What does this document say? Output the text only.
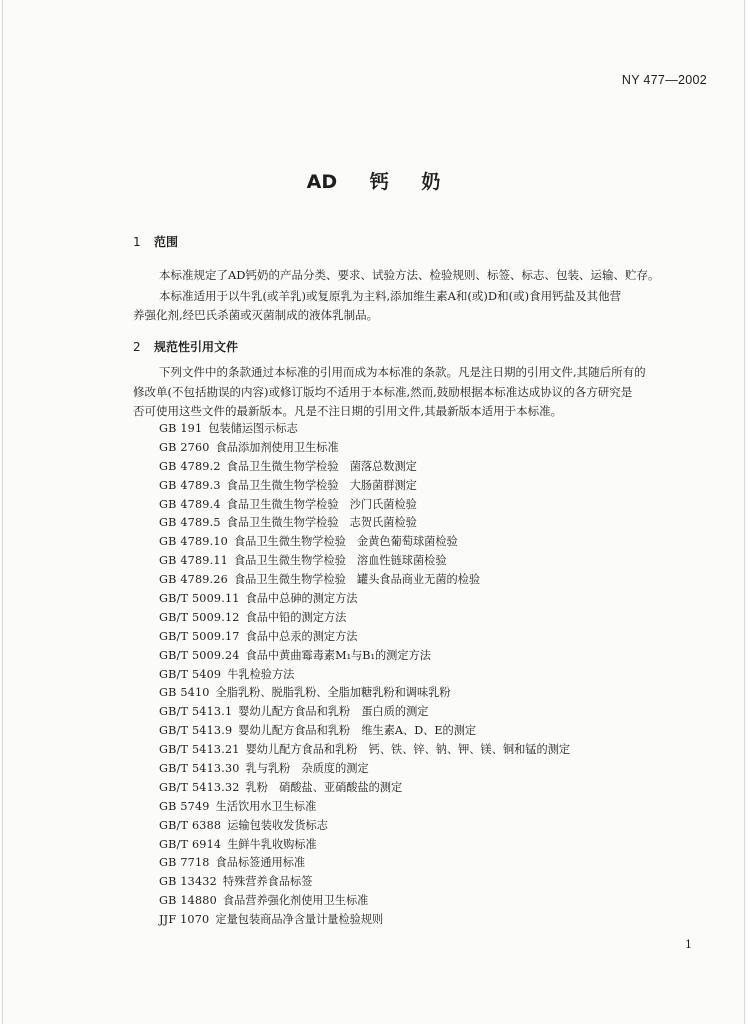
NY 477—2002
AD 钙 奶
1 范围
本标准规定了AD钙奶的产品分类、要求、试验方法、检验规则、标签、标志、包装、运输、贮存。
本标准适用于以牛乳(或羊乳)或复原乳为主料,添加维生素A和(或)D和(或)食用钙盐及其他营
养强化剂,经巴氏杀菌或灭菌制成的液体乳制品。
2 规范性引用文件
下列文件中的条款通过本标准的引用而成为本标准的条款。凡是注日期的引用文件,其随后所有的
修改单(不包括勘误的内容)或修订版均不适用于本标准,然而,鼓励根据本标准达成协议的各方研究是
否可使用这些文件的最新版本。凡是不注日期的引用文件,其最新版本适用于本标准。
GB 191 包装储运图示标志
GB 2760 食品添加剂使用卫生标准
GB 4789.2 食品卫生微生物学检验　菌落总数测定
GB 4789.3 食品卫生微生物学检验　大肠菌群测定
GB 4789.4 食品卫生微生物学检验　沙门氏菌检验
GB 4789.5 食品卫生微生物学检验　志贺氏菌检验
GB 4789.10 食品卫生微生物学检验　金黄色葡萄球菌检验
GB 4789.11 食品卫生微生物学检验　溶血性链球菌检验
GB 4789.26 食品卫生微生物学检验　罐头食品商业无菌的检验
GB/T 5009.11 食品中总砷的测定方法
GB/T 5009.12 食品中铅的测定方法
GB/T 5009.17 食品中总汞的测定方法
GB/T 5009.24 食品中黄曲霉毒素M₁与B₁的测定方法
GB/T 5409 牛乳检验方法
GB 5410 全脂乳粉、脱脂乳粉、全脂加糖乳粉和调味乳粉
GB/T 5413.1 婴幼儿配方食品和乳粉　蛋白质的测定
GB/T 5413.9 婴幼儿配方食品和乳粉　维生素A、D、E的测定
GB/T 5413.21 婴幼儿配方食品和乳粉　钙、铁、锌、钠、钾、镁、铜和锰的测定
GB/T 5413.30 乳与乳粉　杂质度的测定
GB/T 5413.32 乳粉　硝酸盐、亚硝酸盐的测定
GB 5749 生活饮用水卫生标准
GB/T 6388 运输包装收发货标志
GB/T 6914 生鲜牛乳收购标准
GB 7718 食品标签通用标准
GB 13432 特殊营养食品标签
GB 14880 食品营养强化剂使用卫生标准
JJF 1070 定量包装商品净含量计量检验规则
1
